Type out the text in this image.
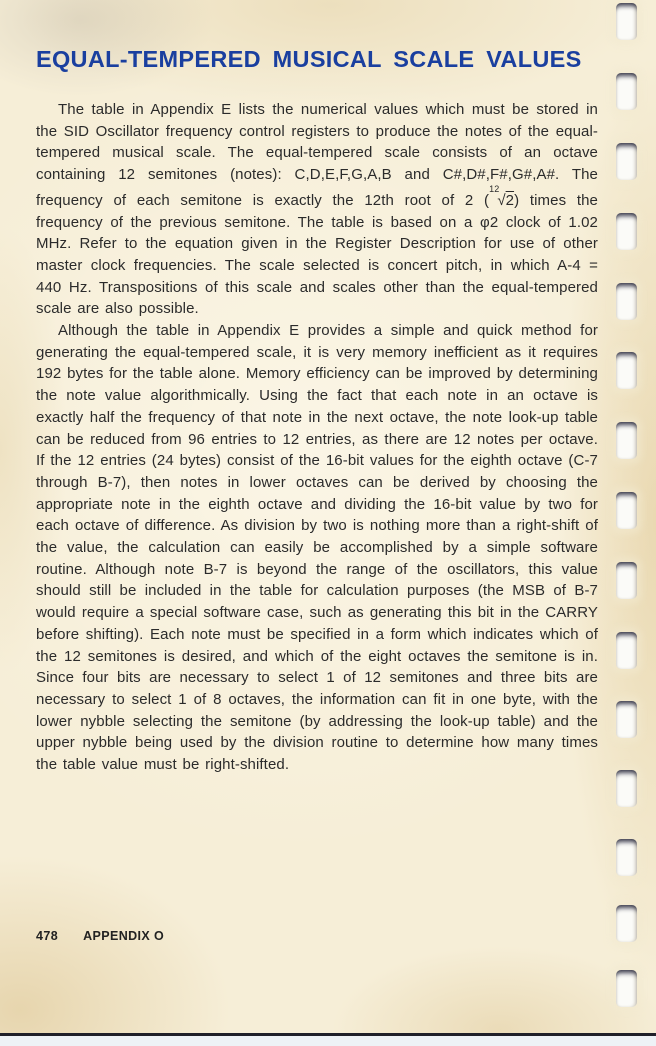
EQUAL-TEMPERED MUSICAL SCALE VALUES

The table in Appendix E lists the numerical values which must be stored in the SID Oscillator frequency control registers to produce the notes of the equal-tempered musical scale. The equal-tempered scale consists of an octave containing 12 semitones (notes): C,D,E,F,G,A,B and C#,D#,F#,G#,A#. The frequency of each semitone is exactly the 12th root of 2 ($^{12}$√2) times the frequency of the previous semitone. The table is based on a φ2 clock of 1.02 MHz. Refer to the equation given in the Register Description for use of other master clock frequencies. The scale selected is concert pitch, in which A-4 = 440 Hz. Transpositions of this scale and scales other than the equal-tempered scale are also possible.

Although the table in Appendix E provides a simple and quick method for generating the equal-tempered scale, it is very memory inefficient as it requires 192 bytes for the table alone. Memory efficiency can be improved by determining the note value algorithmically. Using the fact that each note in an octave is exactly half the frequency of that note in the next octave, the note look-up table can be reduced from 96 entries to 12 entries, as there are 12 notes per octave. If the 12 entries (24 bytes) consist of the 16-bit values for the eighth octave (C-7 through B-7), then notes in lower octaves can be derived by choosing the appropriate note in the eighth octave and dividing the 16-bit value by two for each octave of difference. As division by two is nothing more than a right-shift of the value, the calculation can easily be accomplished by a simple software routine. Although note B-7 is beyond the range of the oscillators, this value should still be included in the table for calculation purposes (the MSB of B-7 would require a special software case, such as generating this bit in the CARRY before shifting). Each note must be specified in a form which indicates which of the 12 semitones is desired, and which of the eight octaves the semitone is in. Since four bits are necessary to select 1 of 12 semitones and three bits are necessary to select 1 of 8 octaves, the information can fit in one byte, with the lower nybble selecting the semitone (by addressing the look-up table) and the upper nybble being used by the division routine to determine how many times the table value must be right-shifted.

478 APPENDIX O
